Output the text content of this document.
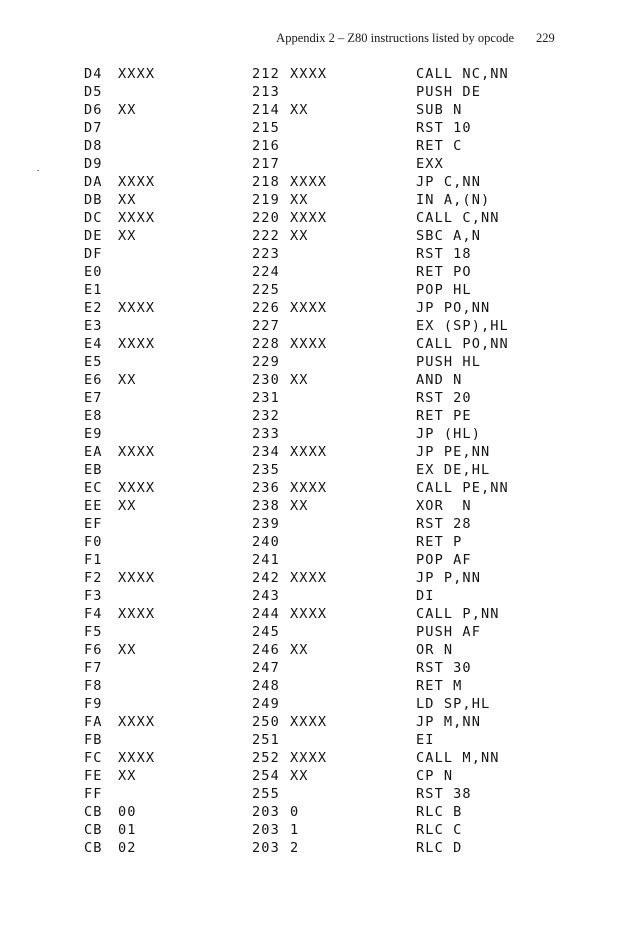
Appendix 2 – Z80 instructions listed by opcode 229
D4 XXXX	212 XXXX	CALL NC,NN
D5	213	PUSH DE
D6 XX	214 XX	SUB N
D7	215	RST 10
D8	216	RET C
D9	217	EXX
DA XXXX	218 XXXX	JP C,NN
DB XX	219 XX	IN A,(N)
DC XXXX	220 XXXX	CALL C,NN
DE XX	222 XX	SBC A,N
DF	223	RST 18
E0	224	RET PO
E1	225	POP HL
E2 XXXX	226 XXXX	JP PO,NN
E3	227	EX (SP),HL
E4 XXXX	228 XXXX	CALL PO,NN
E5	229	PUSH HL
E6 XX	230 XX	AND N
E7	231	RST 20
E8	232	RET PE
E9	233	JP (HL)
EA XXXX	234 XXXX	JP PE,NN
EB	235	EX DE,HL
EC XXXX	236 XXXX	CALL PE,NN
EE XX	238 XX	XOR  N
EF	239	RST 28
F0	240	RET P
F1	241	POP AF
F2 XXXX	242 XXXX	JP P,NN
F3	243	DI
F4 XXXX	244 XXXX	CALL P,NN
F5	245	PUSH AF
F6 XX	246 XX	OR N
F7	247	RST 30
F8	248	RET M
F9	249	LD SP,HL
FA XXXX	250 XXXX	JP M,NN
FB	251	EI
FC XXXX	252 XXXX	CALL M,NN
FE XX	254 XX	CP N
FF	255	RST 38
CB 00	203 0	RLC B
CB 01	203 1	RLC C
CB 02	203 2	RLC D
